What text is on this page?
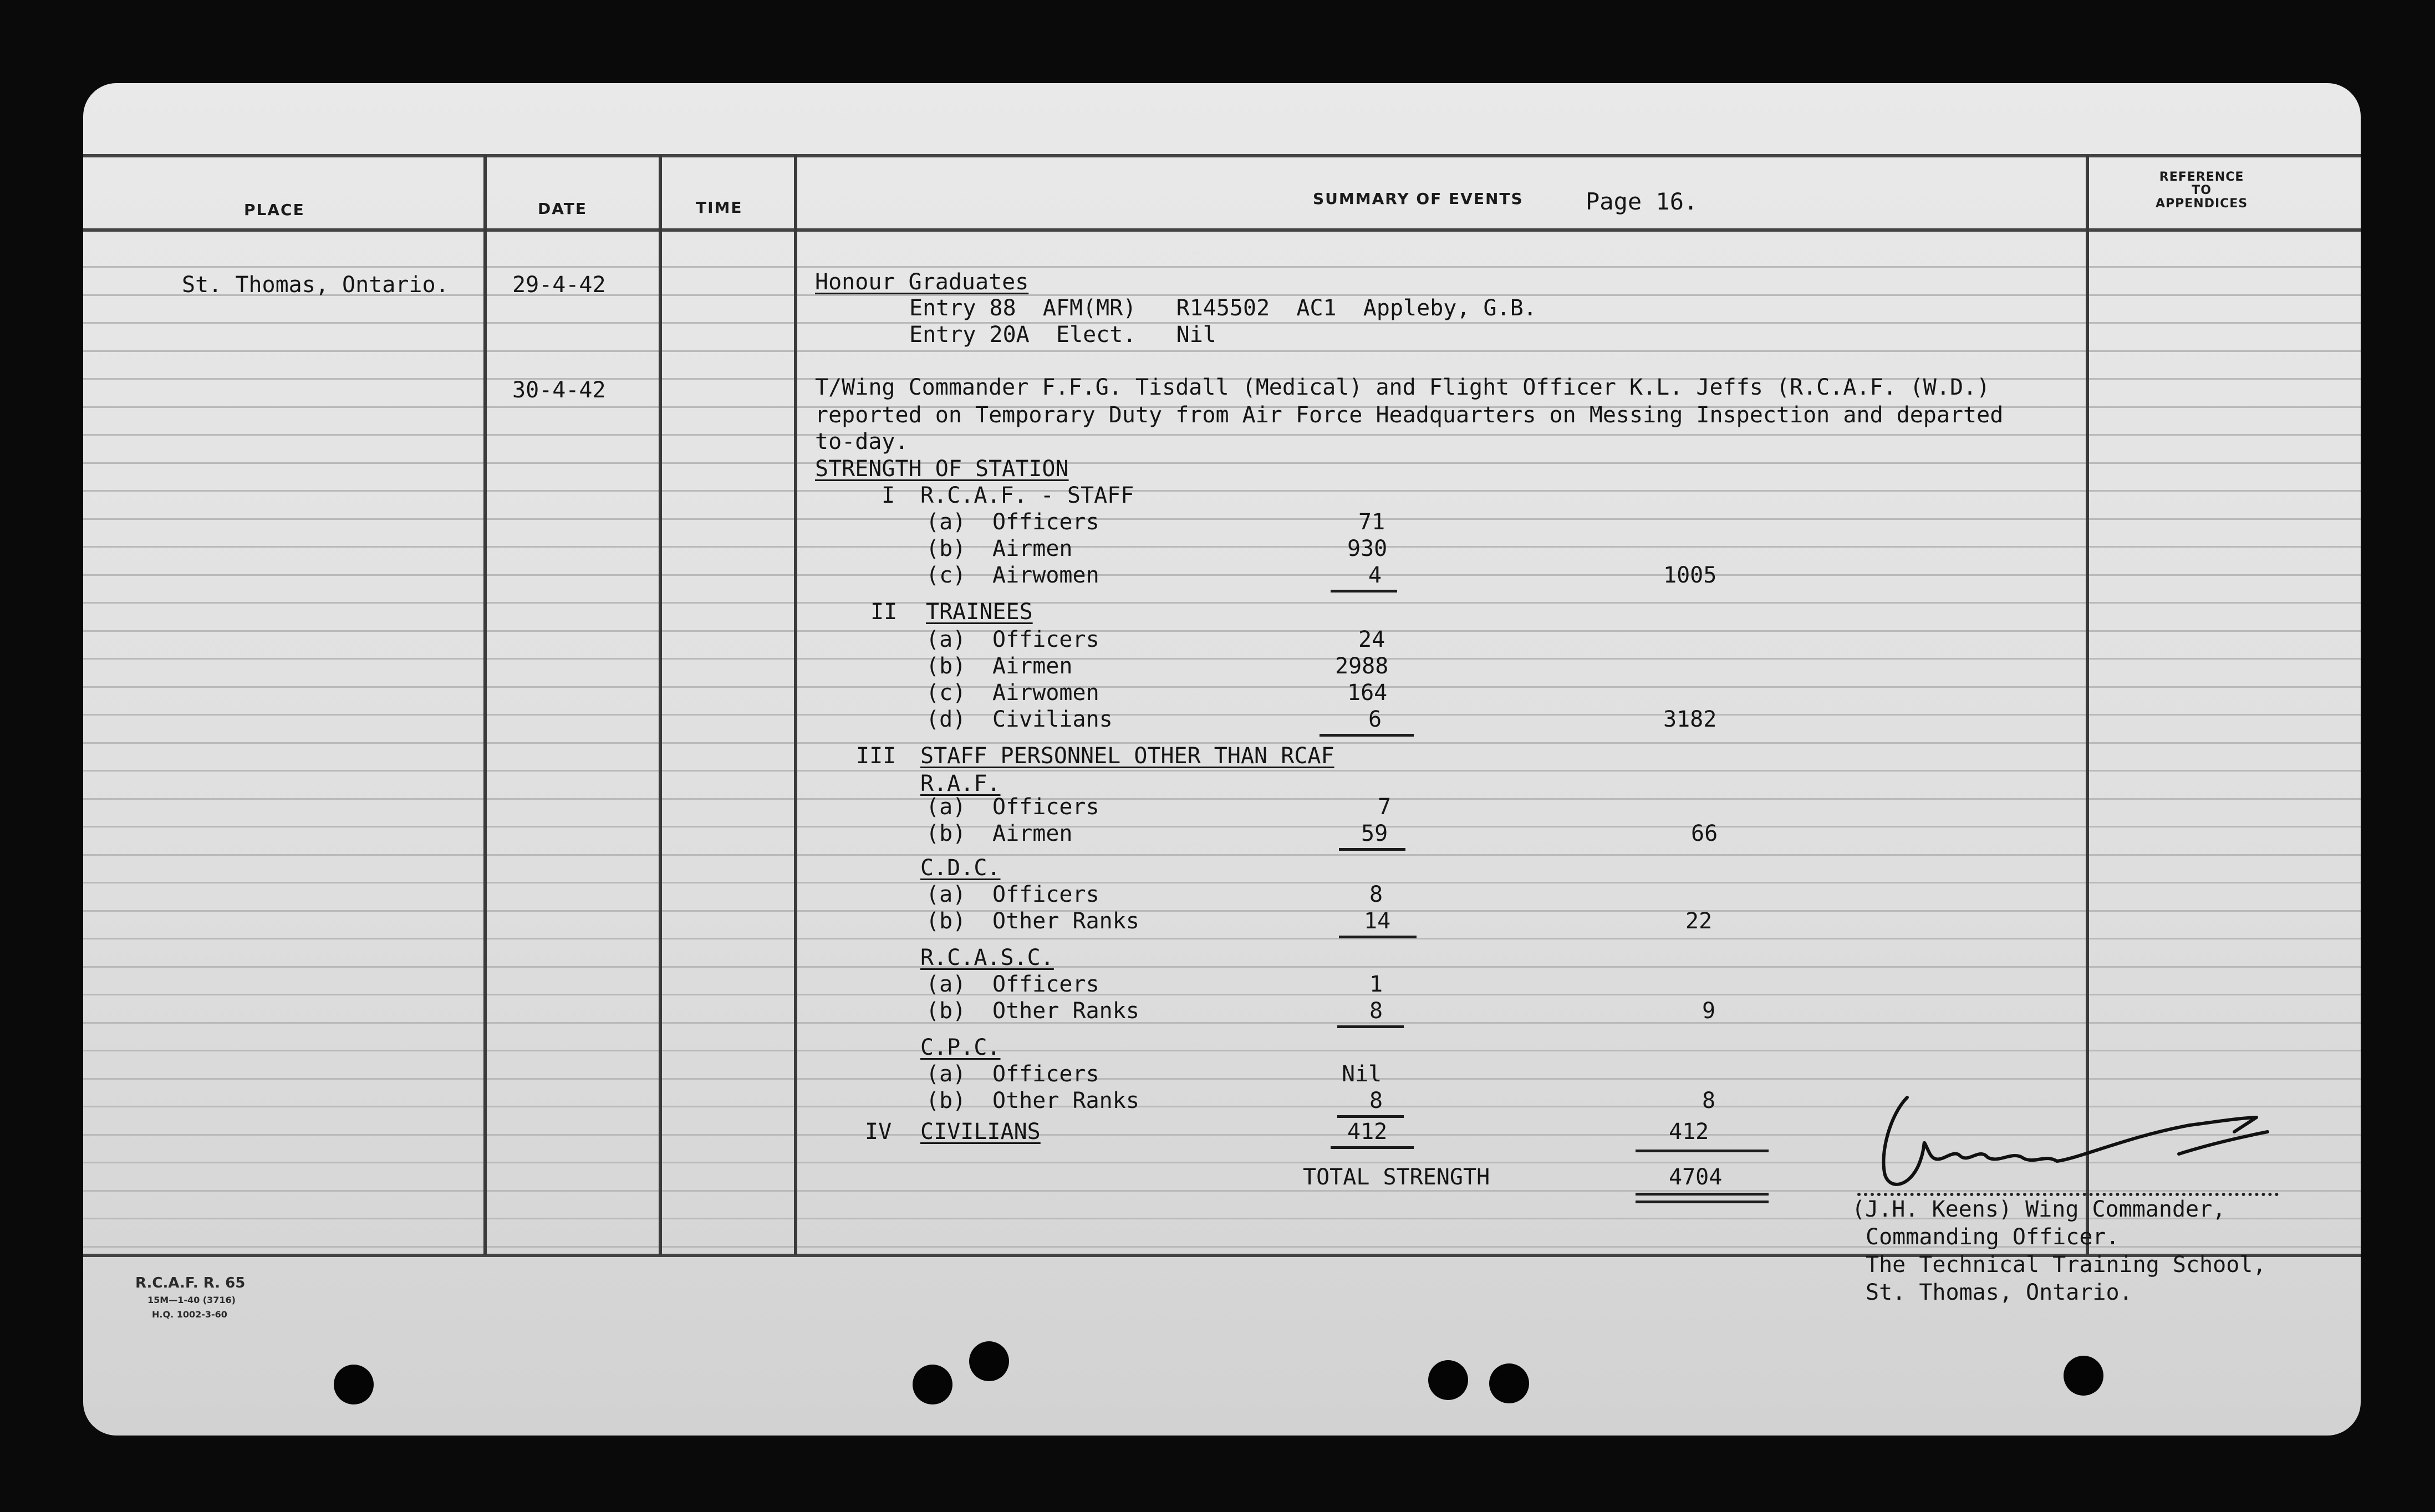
PLACE	DATE	TIME	SUMMARY OF EVENTS	Page 16.
REFERENCE
TO
APPENDICES
St. Thomas, Ontario.	29-4-42	Honour Graduates
Entry 88  AFM(MR)   R145502  AC1  Appleby, G.B.
Entry 20A  Elect.   Nil
30-4-42	T/Wing Commander F.F.G. Tisdall (Medical) and Flight Officer K.L. Jeffs (R.C.A.F. (W.D.)
reported on Temporary Duty from Air Force Headquarters on Messing Inspection and departed
to-day.
STRENGTH OF STATION
I R.C.A.F. - STAFF
(a) Officers	71
(b) Airmen	930
(c) Airwomen	4	1005
II TRAINEES
(a) Officers	24
(b) Airmen	2988
(c) Airwomen	164
(d) Civilians	6	3182
III STAFF PERSONNEL OTHER THAN RCAF
R.A.F.
(a) Officers	7
(b) Airmen	59	66
C.D.C.
(a) Officers	8
(b) Other Ranks	14	22
R.C.A.S.C.
(a) Officers	1
(b) Other Ranks	8	9
C.P.C.
(a) Officers	Nil
(b) Other Ranks	8	8
IV CIVILIANS	412	412
TOTAL STRENGTH	4704
(J.H. Keens) Wing Commander,
Commanding Officer.
The Technical Training School,
St. Thomas, Ontario.
R.C.A.F. R. 65
15M—1-40 (3716)
H.Q. 1002-3-60
